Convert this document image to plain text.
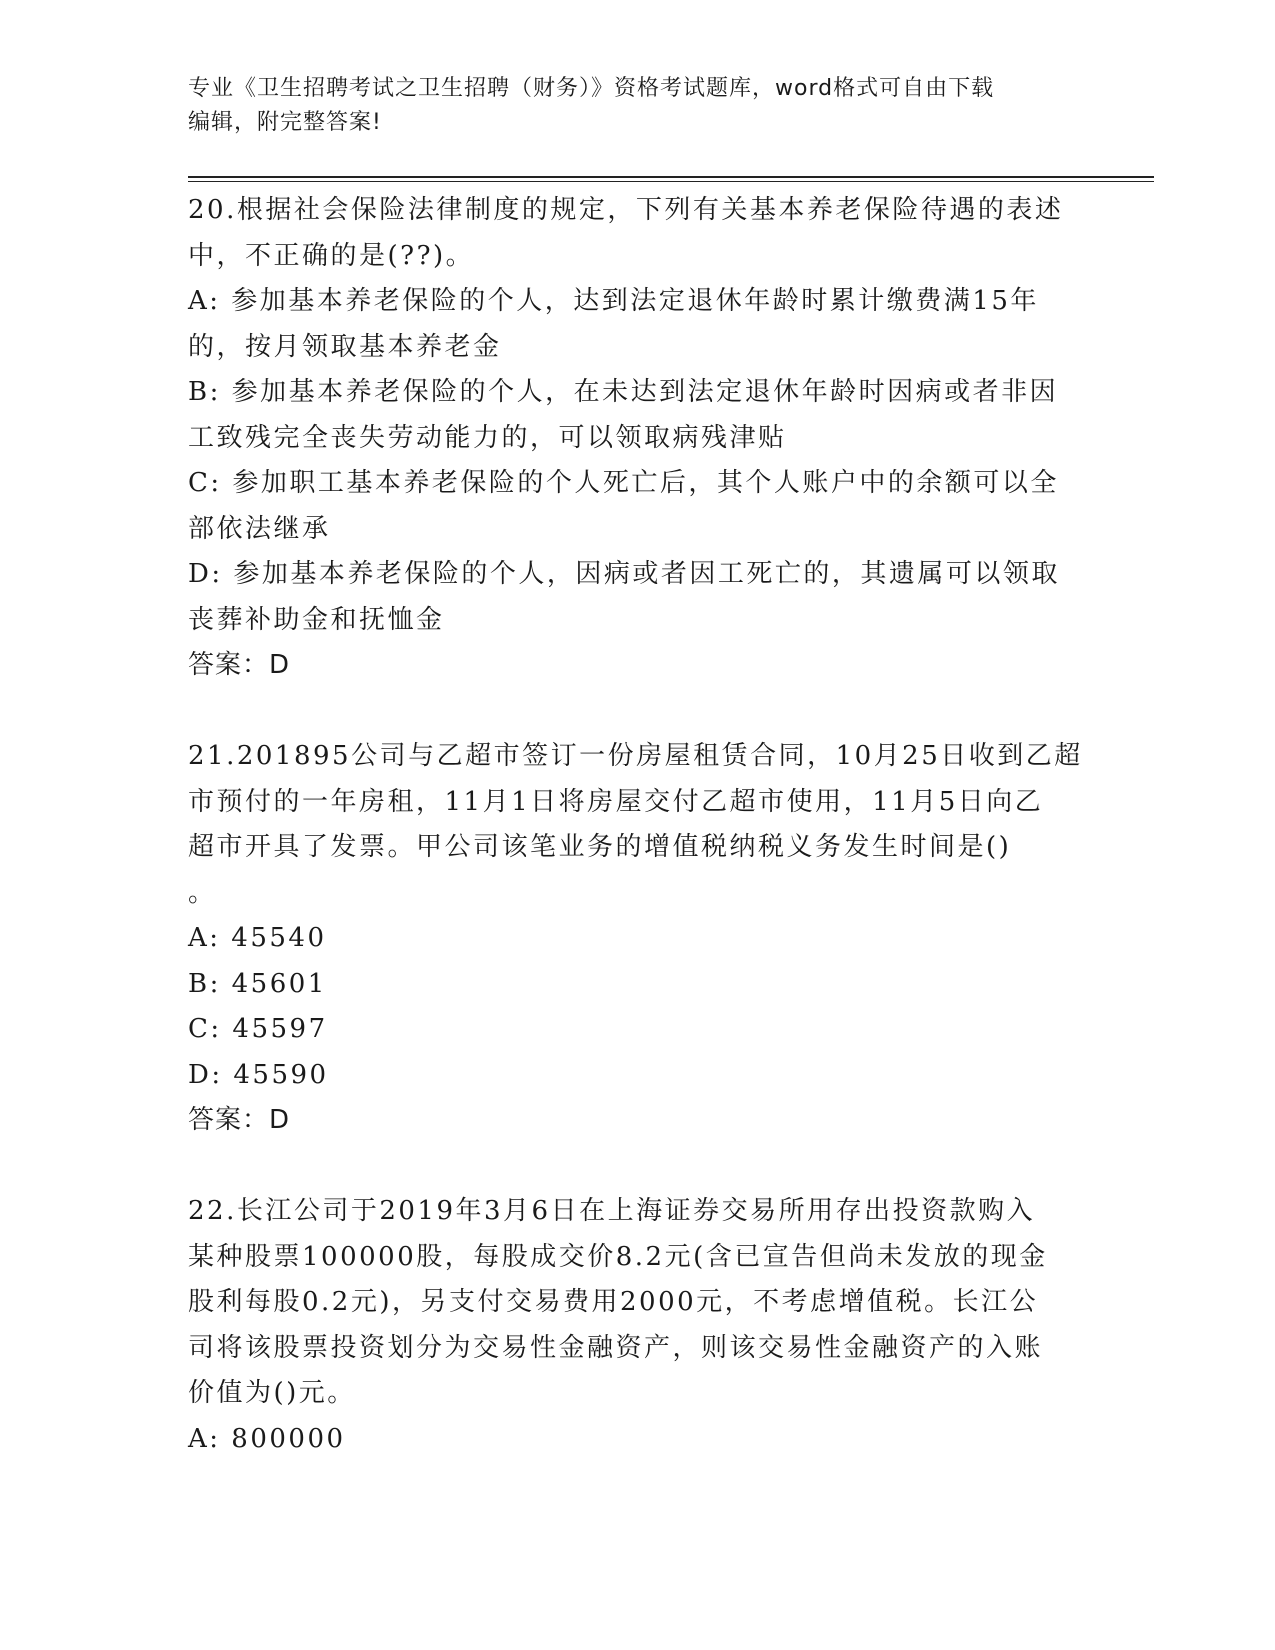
专业《卫生招聘考试之卫生招聘（财务）》资格考试题库，word格式可自由下载
编辑，附完整答案!

20.根据社会保险法律制度的规定，下列有关基本养老保险待遇的表述

中，不正确的是(??)。

A: 参加基本养老保险的个人，达到法定退休年龄时累计缴费满15年

的，按月领取基本养老金

B: 参加基本养老保险的个人，在未达到法定退休年龄时因病或者非因

工致残完全丧失劳动能力的，可以领取病残津贴

C: 参加职工基本养老保险的个人死亡后，其个人账户中的余额可以全

部依法继承

D: 参加基本养老保险的个人，因病或者因工死亡的，其遗属可以领取

丧葬补助金和抚恤金

答案：D

21.201895公司与乙超市签订一份房屋租赁合同，10月25日收到乙超

市预付的一年房租，11月1日将房屋交付乙超市使用，11月5日向乙

超市开具了发票。甲公司该笔业务的增值税纳税义务发生时间是()

。

A: 45540

B: 45601

C: 45597

D: 45590

答案：D

22.长江公司于2019年3月6日在上海证券交易所用存出投资款购入

某种股票100000股，每股成交价8.2元(含已宣告但尚未发放的现金

股利每股0.2元)，另支付交易费用2000元，不考虑增值税。长江公

司将该股票投资划分为交易性金融资产，则该交易性金融资产的入账

价值为()元。

A: 800000
